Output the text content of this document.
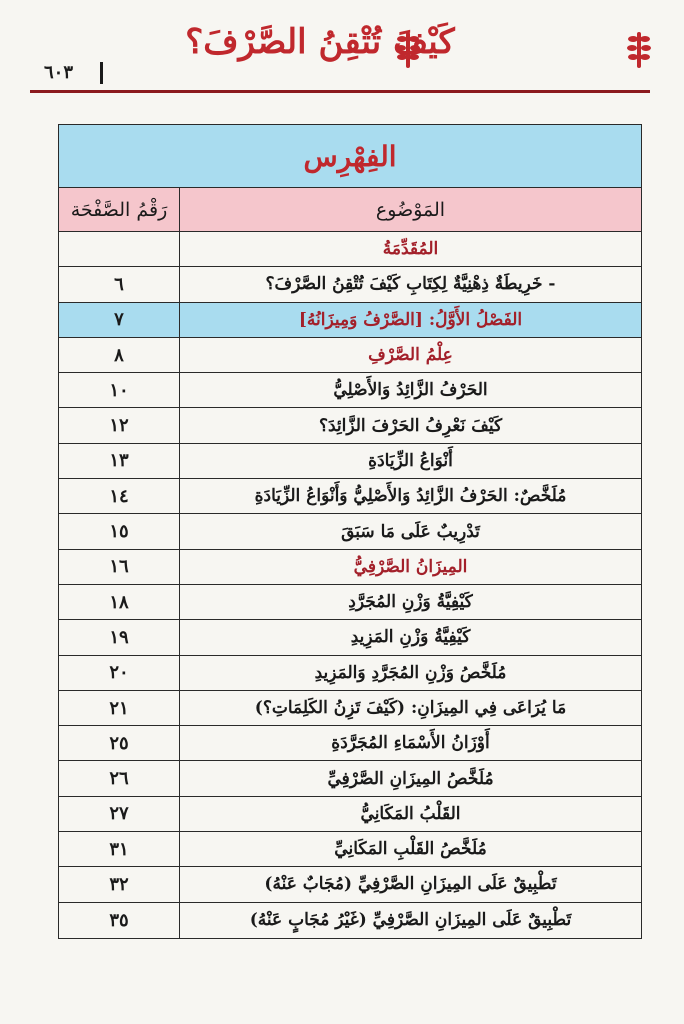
كَيْفَ تُتْقِنُ الصَّرْفَ؟
٦٠٣
الفِهْرِس
المَوْضُوع
رَقْمُ الصَّفْحَة
المُقَدِّمَةُ
- خَرِيطَةٌ ذِهْنِيَّةٌ لِكِتَابِ كَيْفَ تُتْقِنُ الصَّرْفَ؟
٦
الفَصْلُ الأَوَّلُ: [الصَّرْفُ وَمِيزَانُهُ]
٧
عِلْمُ الصَّرْفِ
٨
الحَرْفُ الزَّائِدُ وَالأَصْلِيُّ
١٠
كَيْفَ نَعْرِفُ الحَرْفَ الزَّائِدَ؟
١٢
أَنْوَاعُ الزِّيَادَةِ
١٣
مُلَخَّصٌ: الحَرْفُ الزَّائِدُ وَالأَصْلِيُّ وَأَنْوَاعُ الزِّيَادَةِ
١٤
تَدْرِيبٌ عَلَى مَا سَبَقَ
١٥
المِيزَانُ الصَّرْفِيُّ
١٦
كَيْفِيَّةُ وَزْنِ المُجَرَّدِ
١٨
كَيْفِيَّةُ وَزْنِ المَزِيدِ
١٩
مُلَخَّصُ وَزْنِ المُجَرَّدِ وَالمَزِيدِ
٢٠
مَا يُرَاعَى فِي المِيزَانِ: (كَيْفَ تَزِنُ الكَلِمَاتِ؟)
٢١
أَوْزَانُ الأَسْمَاءِ المُجَرَّدَةِ
٢٥
مُلَخَّصُ المِيزَانِ الصَّرْفِيِّ
٢٦
القَلْبُ المَكَانِيُّ
٢٧
مُلَخَّصُ القَلْبِ المَكَانِيِّ
٣١
تَطْبِيقٌ عَلَى المِيزَانِ الصَّرْفِيِّ (مُجَابٌ عَنْهُ)
٣٢
تَطْبِيقٌ عَلَى المِيزَانِ الصَّرْفِيِّ (غَيْرُ مُجَابٍ عَنْهُ)
٣٥
